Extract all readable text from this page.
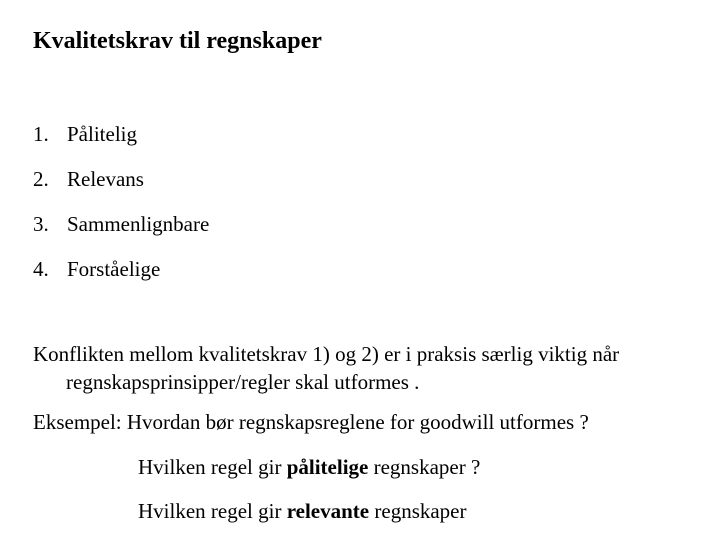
Kvalitetskrav til regnskaper
1. Pålitelig
2. Relevans
3. Sammenlignbare
4. Forståelige
Konflikten mellom kvalitetskrav 1) og 2) er i praksis særlig viktig når
regnskapsprinsipper/regler skal utformes .
Eksempel: Hvordan bør regnskapsreglene for goodwill utformes ?
Hvilken regel gir pålitelige regnskaper ?
Hvilken regel gir relevante regnskaper
